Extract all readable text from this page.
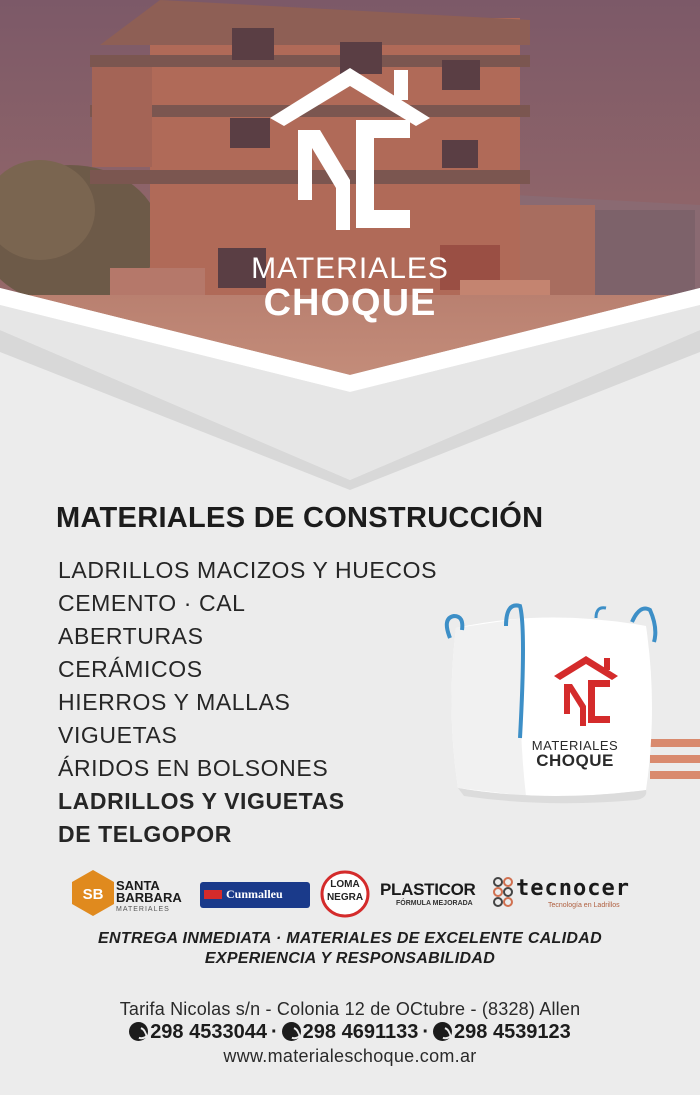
MATERIALES
CHOQUE
MATERIALES DE CONSTRUCCIÓN
LADRILLOS MACIZOS Y HUECOS
CEMENTO · CAL
ABERTURAS
CERÁMICOS
HIERROS Y MALLAS
VIGUETAS
ÁRIDOS EN BOLSONES
LADRILLOS Y VIGUETAS
DE TELGOPOR
MATERIALES
CHOQUE
SB
SANTA
BARBARA
MATERIALES
Cunmalleu
LOMA
NEGRA PLASTICOR
FÓRMULA MEJORADA
tecnocer
Tecnología en Ladrillos
ENTREGA INMEDIATA · MATERIALES DE EXCELENTE CALIDAD
EXPERIENCIA Y RESPONSABILIDAD
Tarifa Nicolas s/n - Colonia 12 de OCtubre - (8328) Allen
298 4533044 · 298 4691133 · 298 4539123
www.materialeschoque.com.ar
